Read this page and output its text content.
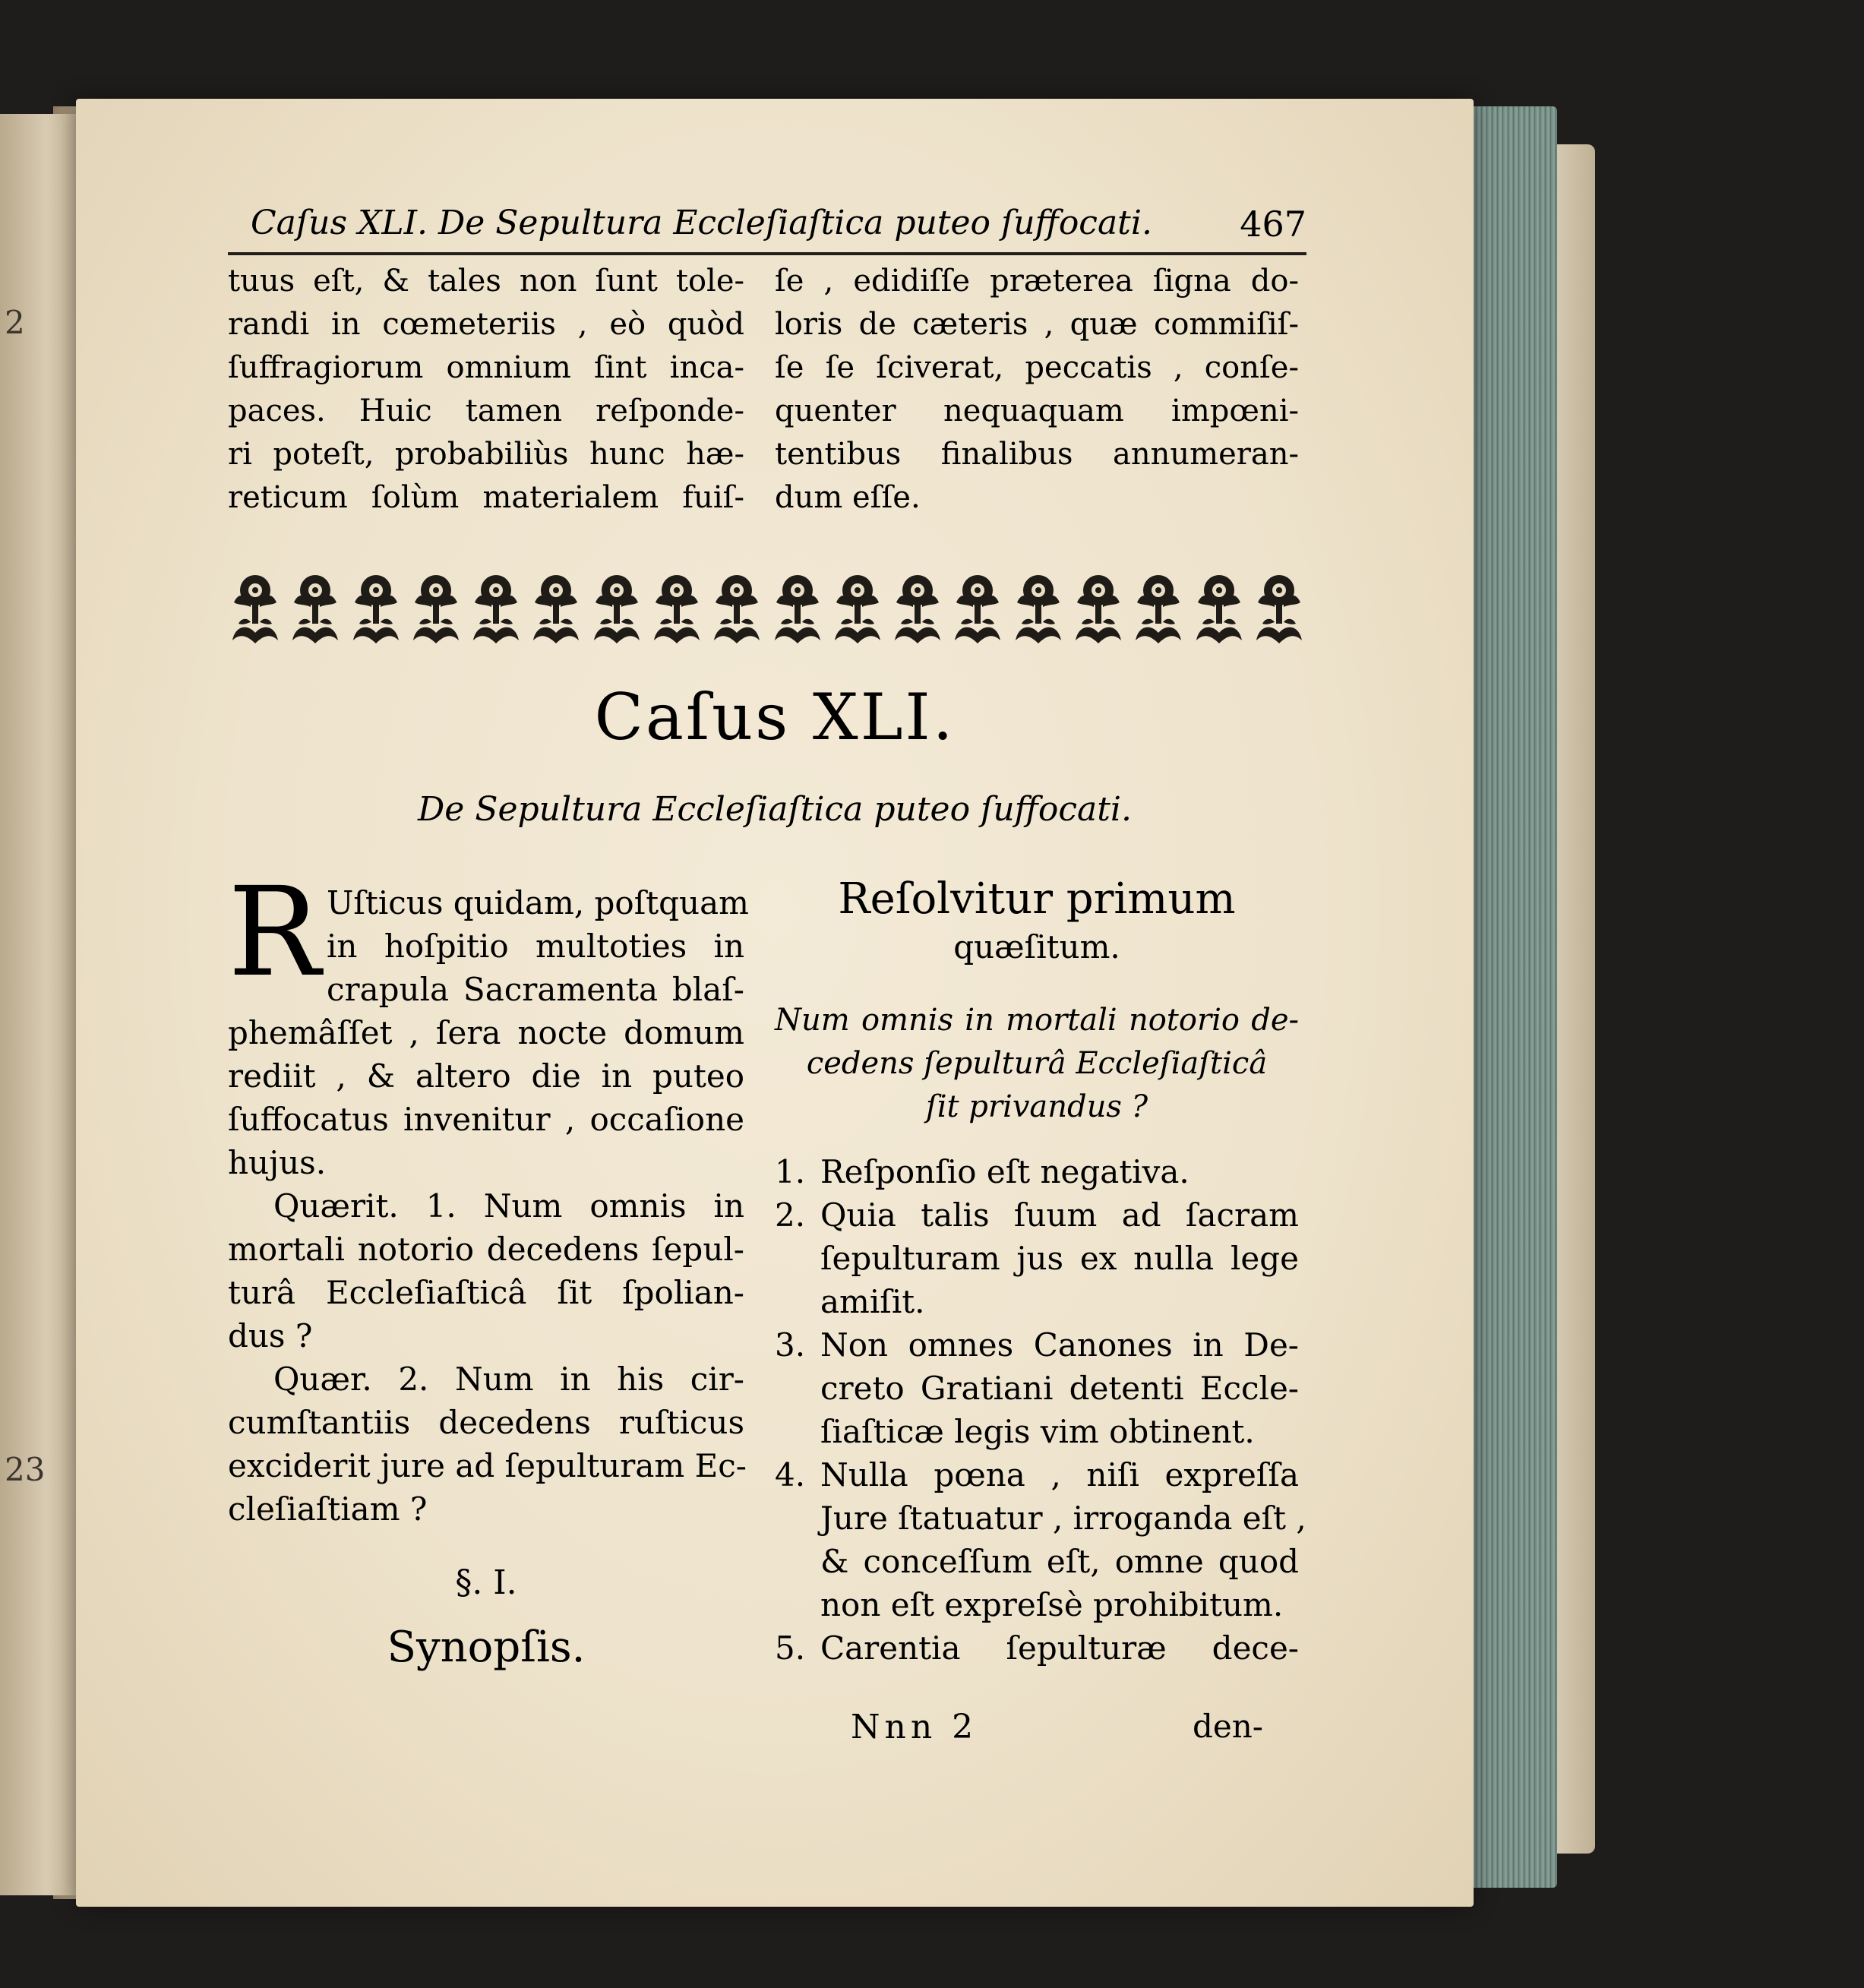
2
23
Caſus XLI. De Sepultura Eccleſiaſtica puteo ſuffocati.	467
tuus eſt, & tales non ſunt tole-
randi in cœmeteriis , eò quòd
ſuffragiorum omnium ſint inca-
paces. Huic tamen reſponde-
ri poteſt, probabiliùs hunc hæ-
reticum ſolùm materialem fuiſ-
ſe , edidiſſe præterea ſigna do-
loris de cæteris , quæ commiſiſ-
ſe ſe ſciverat, peccatis , conſe-
quenter nequaquam impœni-
tentibus finalibus annumeran-
dum eſſe.
Caſus XLI.
De Sepultura Eccleſiaſtica puteo ſuffocati.
R Uſticus quidam, poſtquam
in hoſpitio multoties in
crapula Sacramenta blaſ-
phemâſſet , ſera nocte domum
rediit , & altero die in puteo
ſuffocatus invenitur , occaſione
hujus.
Quærit. 1. Num omnis in
mortali notorio decedens ſepul-
turâ Eccleſiaſticâ ſit ſpolian-
dus ?
Quær. 2. Num in his cir-
cumſtantiis decedens ruſticus
exciderit jure ad ſepulturam Ec-
cleſiaſtiam ?
§. I.
Synopſis.
Reſolvitur primum
quæſitum.
Num omnis in mortali notorio de-
cedens ſepulturâ Eccleſiaſticâ
ſit privandus ?
1. Reſponſio eſt negativa.
2. Quia talis ſuum ad ſacram
ſepulturam jus ex nulla lege
amiſit.
3. Non omnes Canones in De-
creto Gratiani detenti Eccle-
ſiaſticæ legis vim obtinent.
4. Nulla pœna , niſi expreſſa
Jure ſtatuatur , irroganda eſt ,
& conceſſum eſt, omne quod
non eſt expreſsè prohibitum.
5. Carentia ſepulturæ dece-
Nnn 2	den-
